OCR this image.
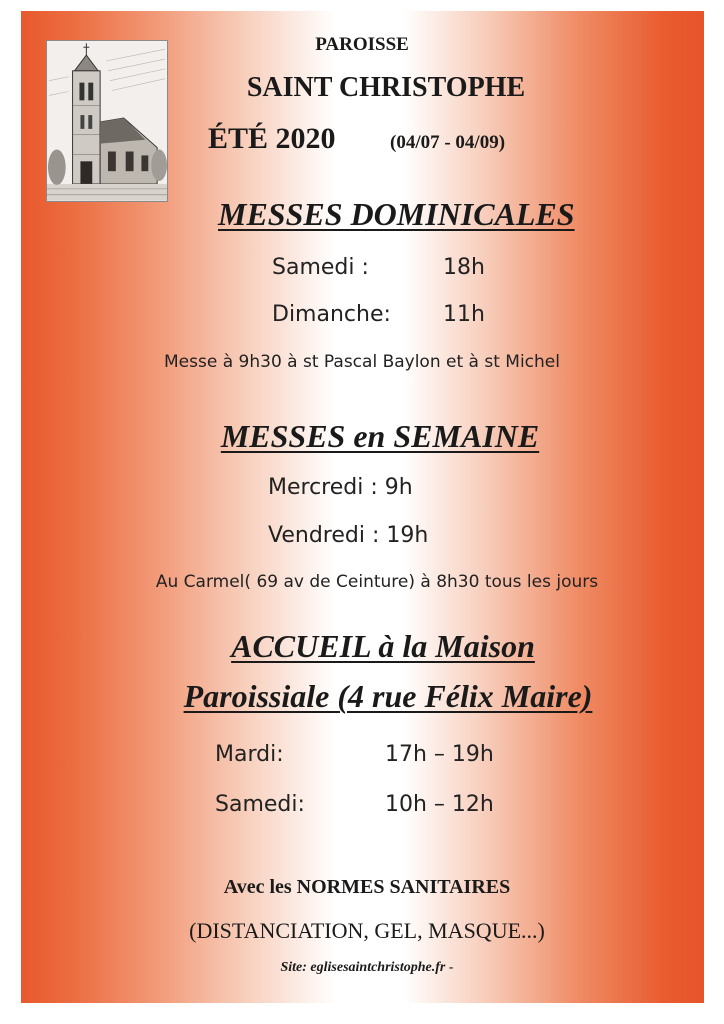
PAROISSE
SAINT CHRISTOPHE
ÉTÉ 2020	(04/07 - 04/09)
MESSES DOMINICALES
Samedi :	18h
Dimanche: 11h
Messe à 9h30 à st Pascal Baylon et à st Michel
MESSES en SEMAINE
Mercredi : 9h
Vendredi : 19h
Au Carmel( 69 av de Ceinture) à 8h30 tous les jours
ACCUEIL à la Maison
Paroissiale (4 rue Félix Maire)
Mardi:	17h – 19h
Samedi:	10h – 12h
Avec les NORMES SANITAIRES
(DISTANCIATION, GEL, MASQUE...)
Site: eglisesaintchristophe.fr -
